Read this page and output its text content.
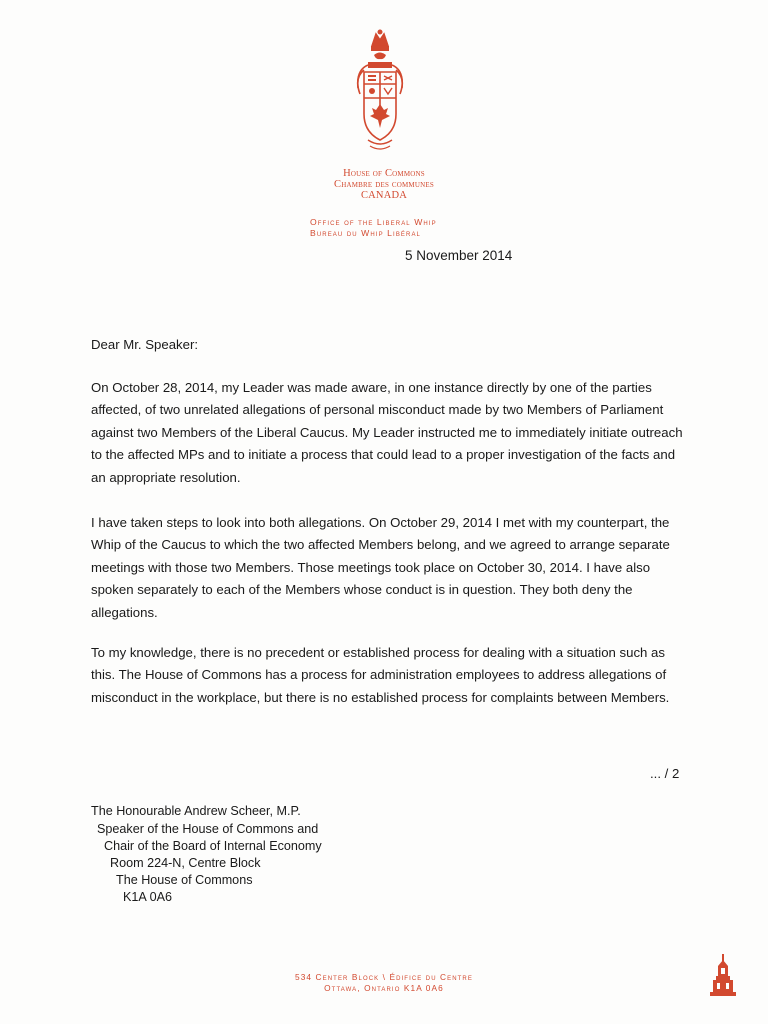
House of Commons
Chambre des communes
CANADA
Office of the Liberal Whip
Bureau du Whip Libéral
5 November 2014

Dear Mr. Speaker:

On October 28, 2014, my Leader was made aware, in one instance directly by one of the parties affected, of two unrelated allegations of personal misconduct made by two Members of Parliament against two Members of the Liberal Caucus. My Leader instructed me to immediately initiate outreach to the affected MPs and to initiate a process that could lead to a proper investigation of the facts and an appropriate resolution.

I have taken steps to look into both allegations. On October 29, 2014 I met with my counterpart, the Whip of the Caucus to which the two affected Members belong, and we agreed to arrange separate meetings with those two Members. Those meetings took place on October 30, 2014. I have also spoken separately to each of the Members whose conduct is in question. They both deny the allegations.

To my knowledge, there is no precedent or established process for dealing with a situation such as this. The House of Commons has a process for administration employees to address allegations of misconduct in the workplace, but there is no established process for complaints between Members.

... / 2
The Honourable Andrew Scheer, M.P.
Speaker of the House of Commons and
Chair of the Board of Internal Economy
Room 224-N, Centre Block
The House of Commons
K1A 0A6
534 Center Block \ Édifice du Centre
Ottawa, Ontario K1A 0A6
